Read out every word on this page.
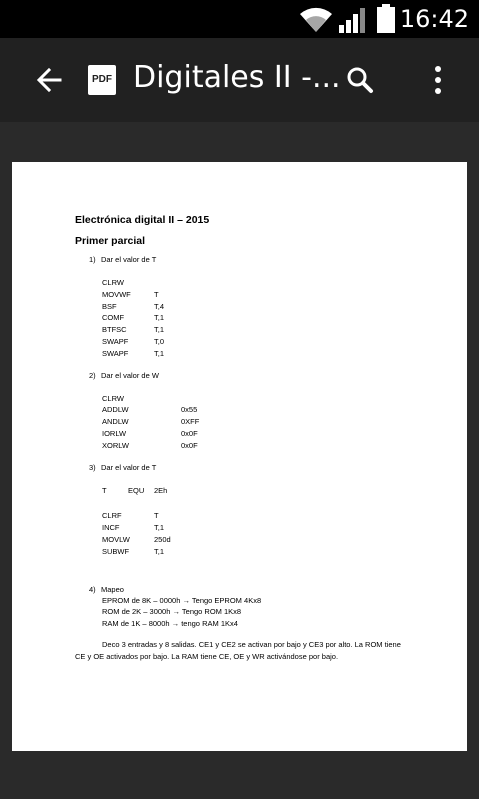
16:42
PDF Digitales II -...
Electrónica digital II – 2015
Primer parcial
1) Dar el valor de T
CLRW
MOVWF	T
BSF	T,4
COMF	T,1
BTFSC	T,1
SWAPF	T,0
SWAPF	T,1
2) Dar el valor de W
CLRW
ADDLW	0x55
ANDLW	0XFF
IORLW	0x0F
XORLW	0x0F
3) Dar el valor de T
T	EQU 2Eh
CLRF	T
INCF	T,1
MOVLW	250d
SUBWF	T,1
4) Mapeo
EPROM de 8K – 0000h → Tengo EPROM 4Kx8
ROM de 2K – 3000h → Tengo ROM 1Kx8
RAM de 1K – 8000h → tengo RAM 1Kx4
Deco 3 entradas y 8 salidas. CE1 y CE2 se activan por bajo y CE3 por alto. La ROM tiene CE y OE activados por bajo. La RAM tiene CE, OE y WR activándose por bajo.
